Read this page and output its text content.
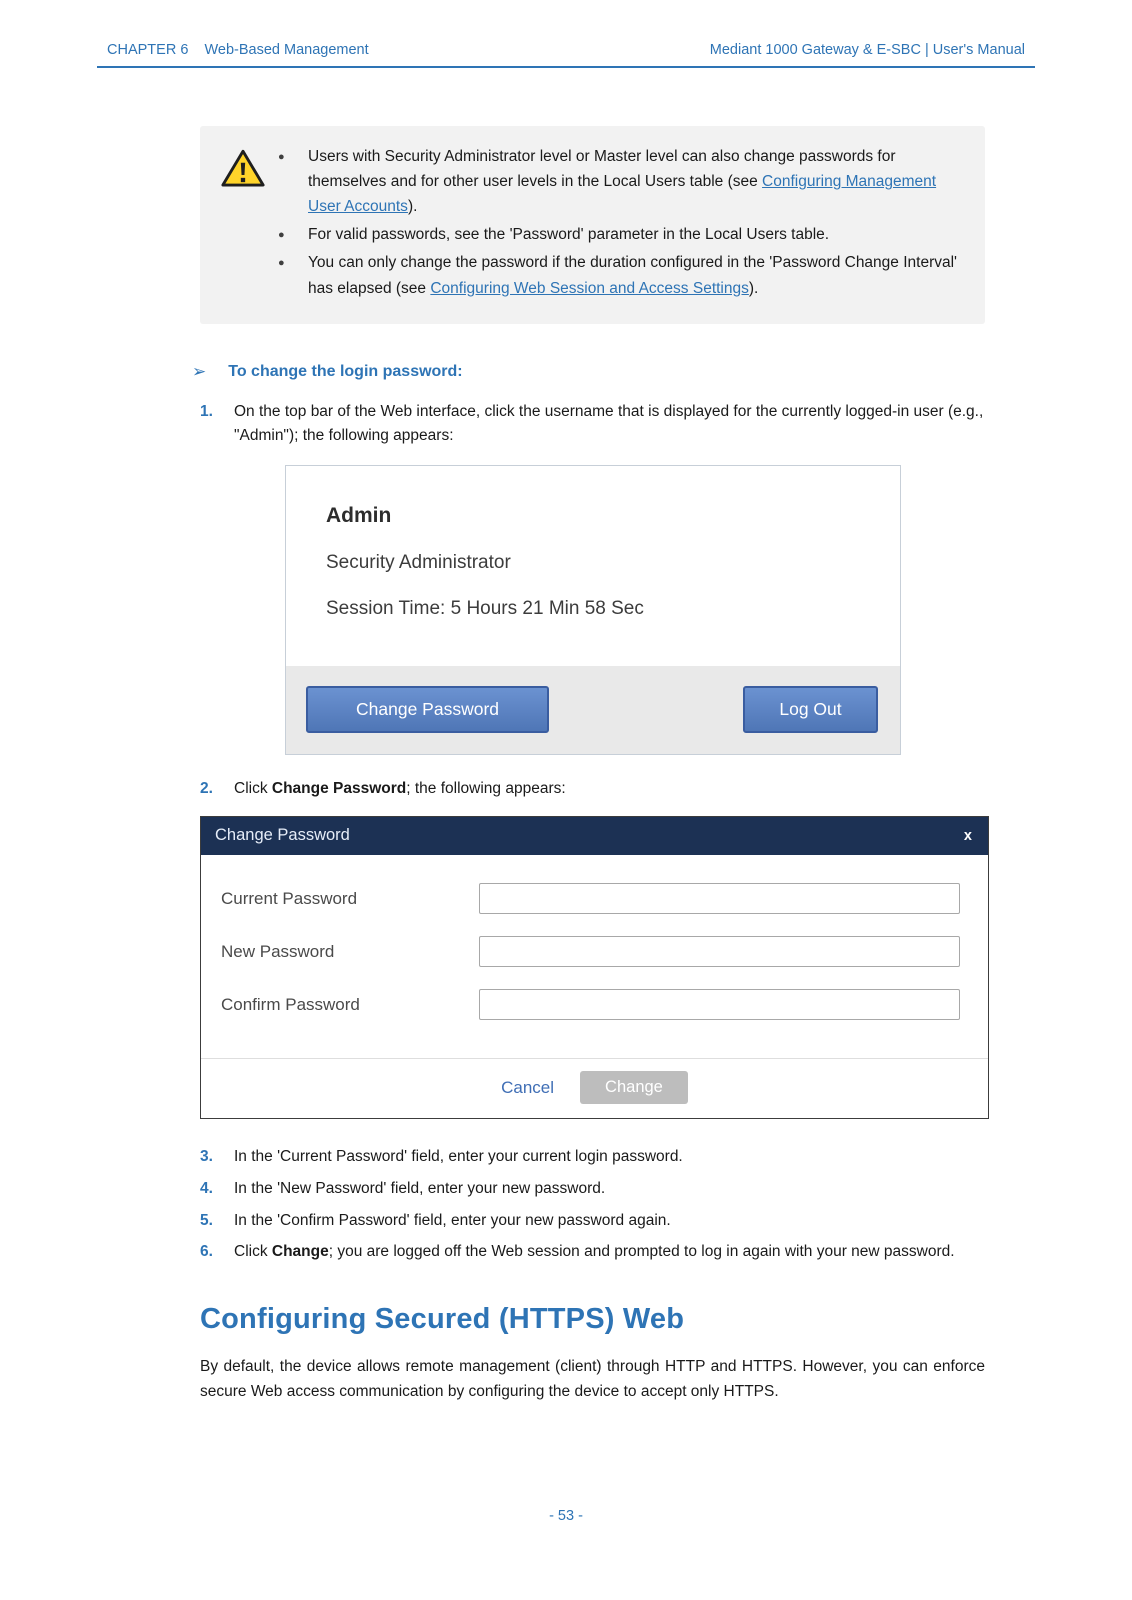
CHAPTER 6    Web-Based Management	Mediant 1000 Gateway & E-SBC | User's Manual
●	Users with Security Administrator level or Master level can also change passwords for themselves and for other user levels in the Local Users table (see Configuring Management User Accounts).
●	For valid passwords, see the 'Password' parameter in the Local Users table.
●	You can only change the password if the duration configured in the 'Password Change Interval' has elapsed (see Configuring Web Session and Access Settings).
➢ To change the login password:
1.	On the top bar of the Web interface, click the username that is displayed for the currently logged-in user (e.g., "Admin"); the following appears:
Admin
Security Administrator
Session Time: 5 Hours 21 Min 58 Sec
Change Password	Log Out
2.	Click Change Password; the following appears:
Change Password	x
Current Password
New Password
Confirm Password
Cancel	Change
3.	In the 'Current Password' field, enter your current login password.
4.	In the 'New Password' field, enter your new password.
5.	In the 'Confirm Password' field, enter your new password again.
6.	Click Change; you are logged off the Web session and prompted to log in again with your new password.
Configuring Secured (HTTPS) Web

By default, the device allows remote management (client) through HTTP and HTTPS. However, you can enforce secure Web access communication by configuring the device to accept only HTTPS.

- 53 -
